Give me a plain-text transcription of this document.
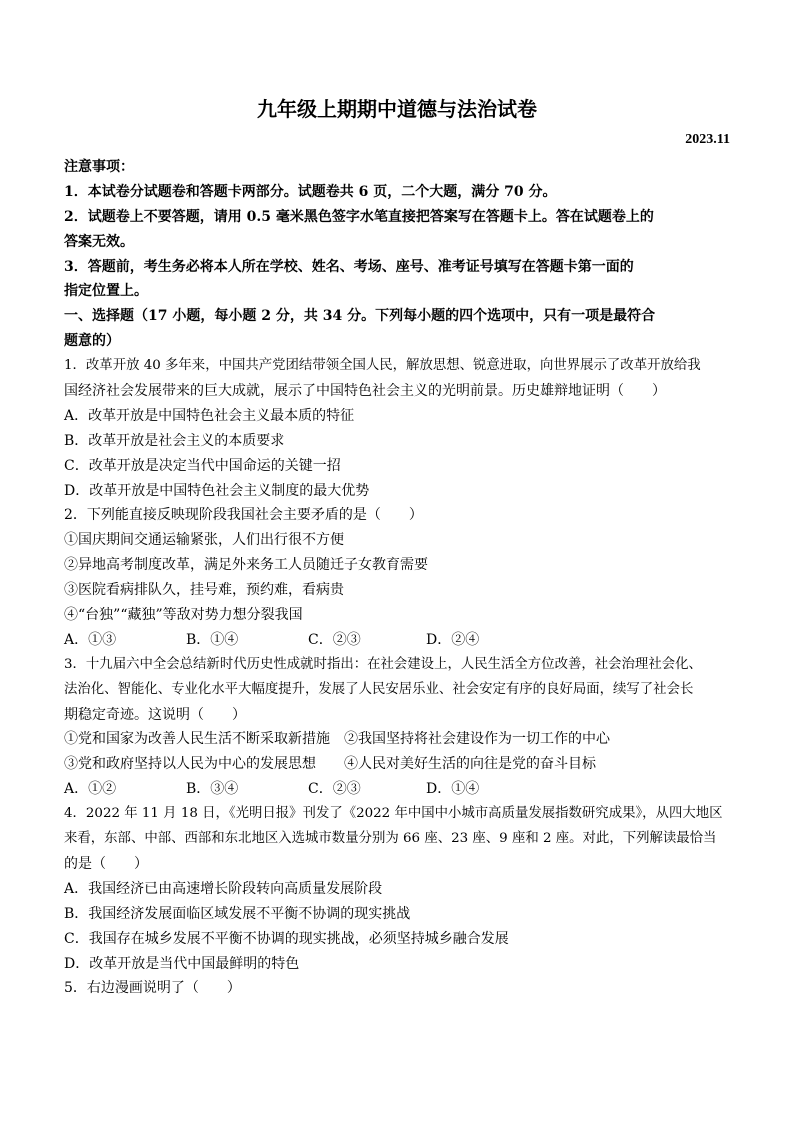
九年级上期期中道德与法治试卷
2023.11
注意事项：
1．本试卷分试题卷和答题卡两部分。试题卷共 6 页，二个大题，满分 70 分。
2．试题卷上不要答题，请用 0.5 毫米黑色签字水笔直接把答案写在答题卡上。答在试题卷上的
答案无效。
3．答题前，考生务必将本人所在学校、姓名、考场、座号、准考证号填写在答题卡第一面的
指定位置上。
一、选择题（17 小题，每小题 2 分，共 34 分。下列每小题的四个选项中，只有一项是最符合
题意的）
1．改革开放 40 多年来，中国共产党团结带领全国人民，解放思想、锐意进取，向世界展示了改革开放给我
国经济社会发展带来的巨大成就，展示了中国特色社会主义的光明前景。历史雄辩地证明（　　）
A．改革开放是中国特色社会主义最本质的特征
B．改革开放是社会主义的本质要求
C．改革开放是决定当代中国命运的关键一招
D．改革开放是中国特色社会主义制度的最大优势
2．下列能直接反映现阶段我国社会主要矛盾的是（　　）
①国庆期间交通运输紧张，人们出行很不方便
②异地高考制度改革，满足外来务工人员随迁子女教育需要
③医院看病排队久，挂号难，预约难，看病贵
④“台独”“藏独”等敌对势力想分裂我国
A．①③	B．①④	C．②③	D．②④
3．十九届六中全会总结新时代历史性成就时指出：在社会建设上，人民生活全方位改善，社会治理社会化、
法治化、智能化、专业化水平大幅度提升，发展了人民安居乐业、社会安定有序的良好局面，续写了社会长
期稳定奇迹。这说明（　　）
①党和国家为改善人民生活不断采取新措施	②我国坚持将社会建设作为一切工作的中心
③党和政府坚持以人民为中心的发展思想	④人民对美好生活的向往是党的奋斗目标
A．①②	B．③④	C．②③	D．①④
4．2022 年 11 月 18 日，《光明日报》刊发了《2022 年中国中小城市高质量发展指数研究成果》，从四大地区
来看，东部、中部、西部和东北地区入选城市数量分别为 66 座、23 座、9 座和 2 座。对此，下列解读最恰当
的是（　　）
A．我国经济已由高速增长阶段转向高质量发展阶段
B．我国经济发展面临区域发展不平衡不协调的现实挑战
C．我国存在城乡发展不平衡不协调的现实挑战，必须坚持城乡融合发展
D．改革开放是当代中国最鲜明的特色
5．右边漫画说明了（　　）
